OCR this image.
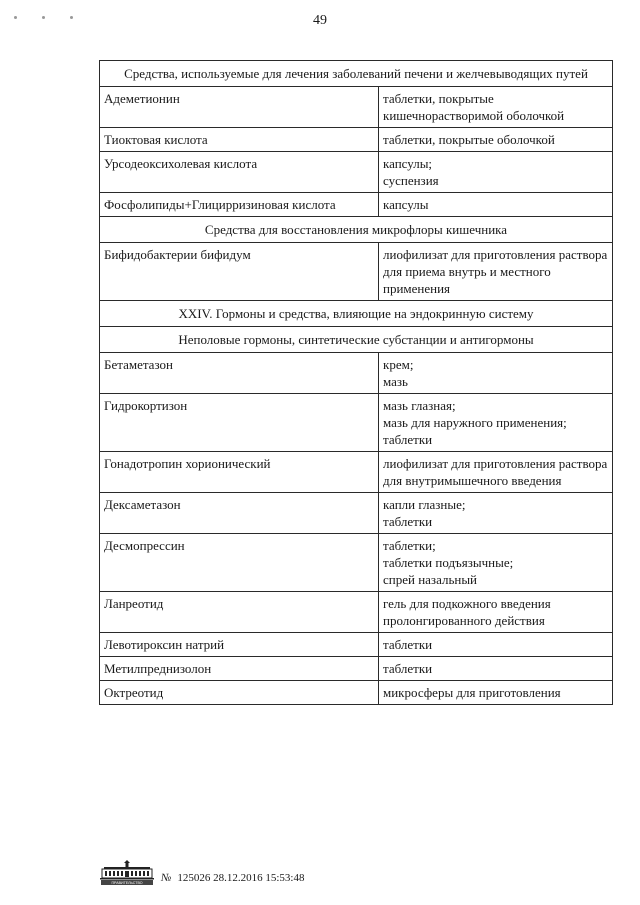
49
Средства, используемые для лечения заболеваний печени и желчевыводящих путей	
Адеметионин	таблетки, покрытые кишечнорастворимой оболочкой

Тиоктовая кислота	таблетки, покрытые оболочкой

Урсодеоксихолевая кислота	капсулы;
суспензия

Фосфолипиды+Глицирризиновая кислота	капсулы

Средства для восстановления микрофлоры кишечника	
Бифидобактерии бифидум	лиофилизат для приготовления раствора для приема внутрь и местного применения

XXIV. Гормоны и средства, влияющие на эндокринную систему	
Неполовые гормоны, синтетические субстанции и антигормоны	
Бетаметазон	крем;
мазь

Гидрокортизон	мазь глазная;
мазь для наружного применения;
таблетки

Гонадотропин хорионический	лиофилизат для приготовления раствора для внутримышечного введения

Дексаметазон	капли глазные;
таблетки

Десмопрессин	таблетки;
таблетки подъязычные;
спрей назальный

Ланреотид	гель для подкожного введения пролонгированного действия

Левотироксин натрий	таблетки

Метилпреднизолон	таблетки

Октреотид	микросферы для приготовления
ПРАВИТЕЛЬСТВО № 125026 28.12.2016 15:53:48
